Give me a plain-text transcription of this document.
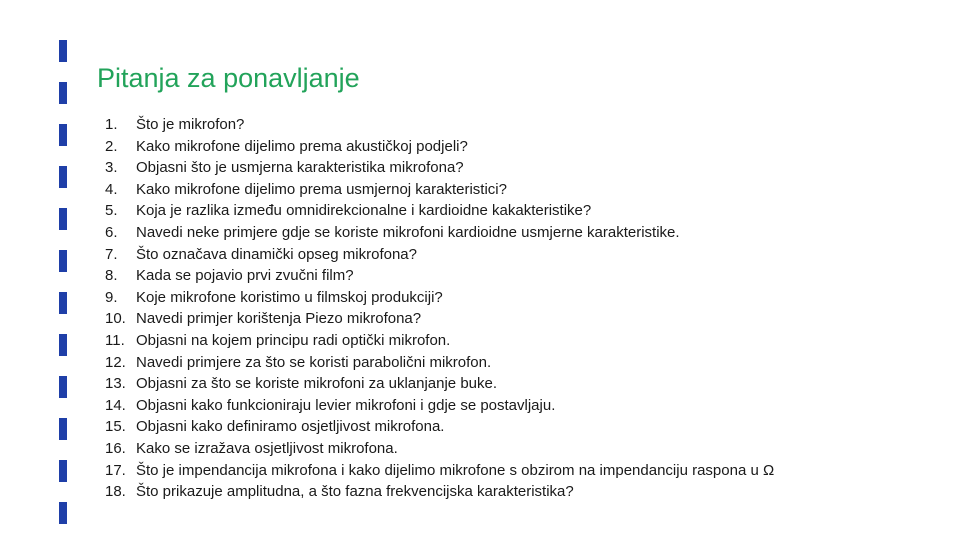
Pitanja za ponavljanje
1.	Što je mikrofon?
2.	Kako mikrofone dijelimo prema akustičkoj podjeli?
3.	Objasni što je usmjerna karakteristika mikrofona?
4.	Kako mikrofone dijelimo prema usmjernoj karakteristici?
5.	Koja je razlika između omnidirekcionalne i kardioidne kakakteristike?
6.	Navedi neke primjere gdje se koriste mikrofoni kardioidne usmjerne karakteristike.
7.	Što označava dinamički opseg mikrofona?
8.	Kada se pojavio prvi zvučni film?
9.	Koje mikrofone koristimo u filmskoj produkciji?
10. Navedi primjer korištenja Piezo mikrofona?
11. Objasni na kojem principu radi optički mikrofon.
12. Navedi primjere za što se koristi parabolični mikrofon.
13. Objasni za što se koriste mikrofoni za uklanjanje buke.
14. Objasni kako funkcioniraju levier mikrofoni i gdje se postavljaju.
15. Objasni kako definiramo osjetljivost mikrofona.
16. Kako se izražava osjetljivost mikrofona.
17. Što je impendancija mikrofona i kako dijelimo mikrofone s obzirom na impendanciju raspona u Ω
18. Što prikazuje amplitudna, a što fazna frekvencijska karakteristika?
